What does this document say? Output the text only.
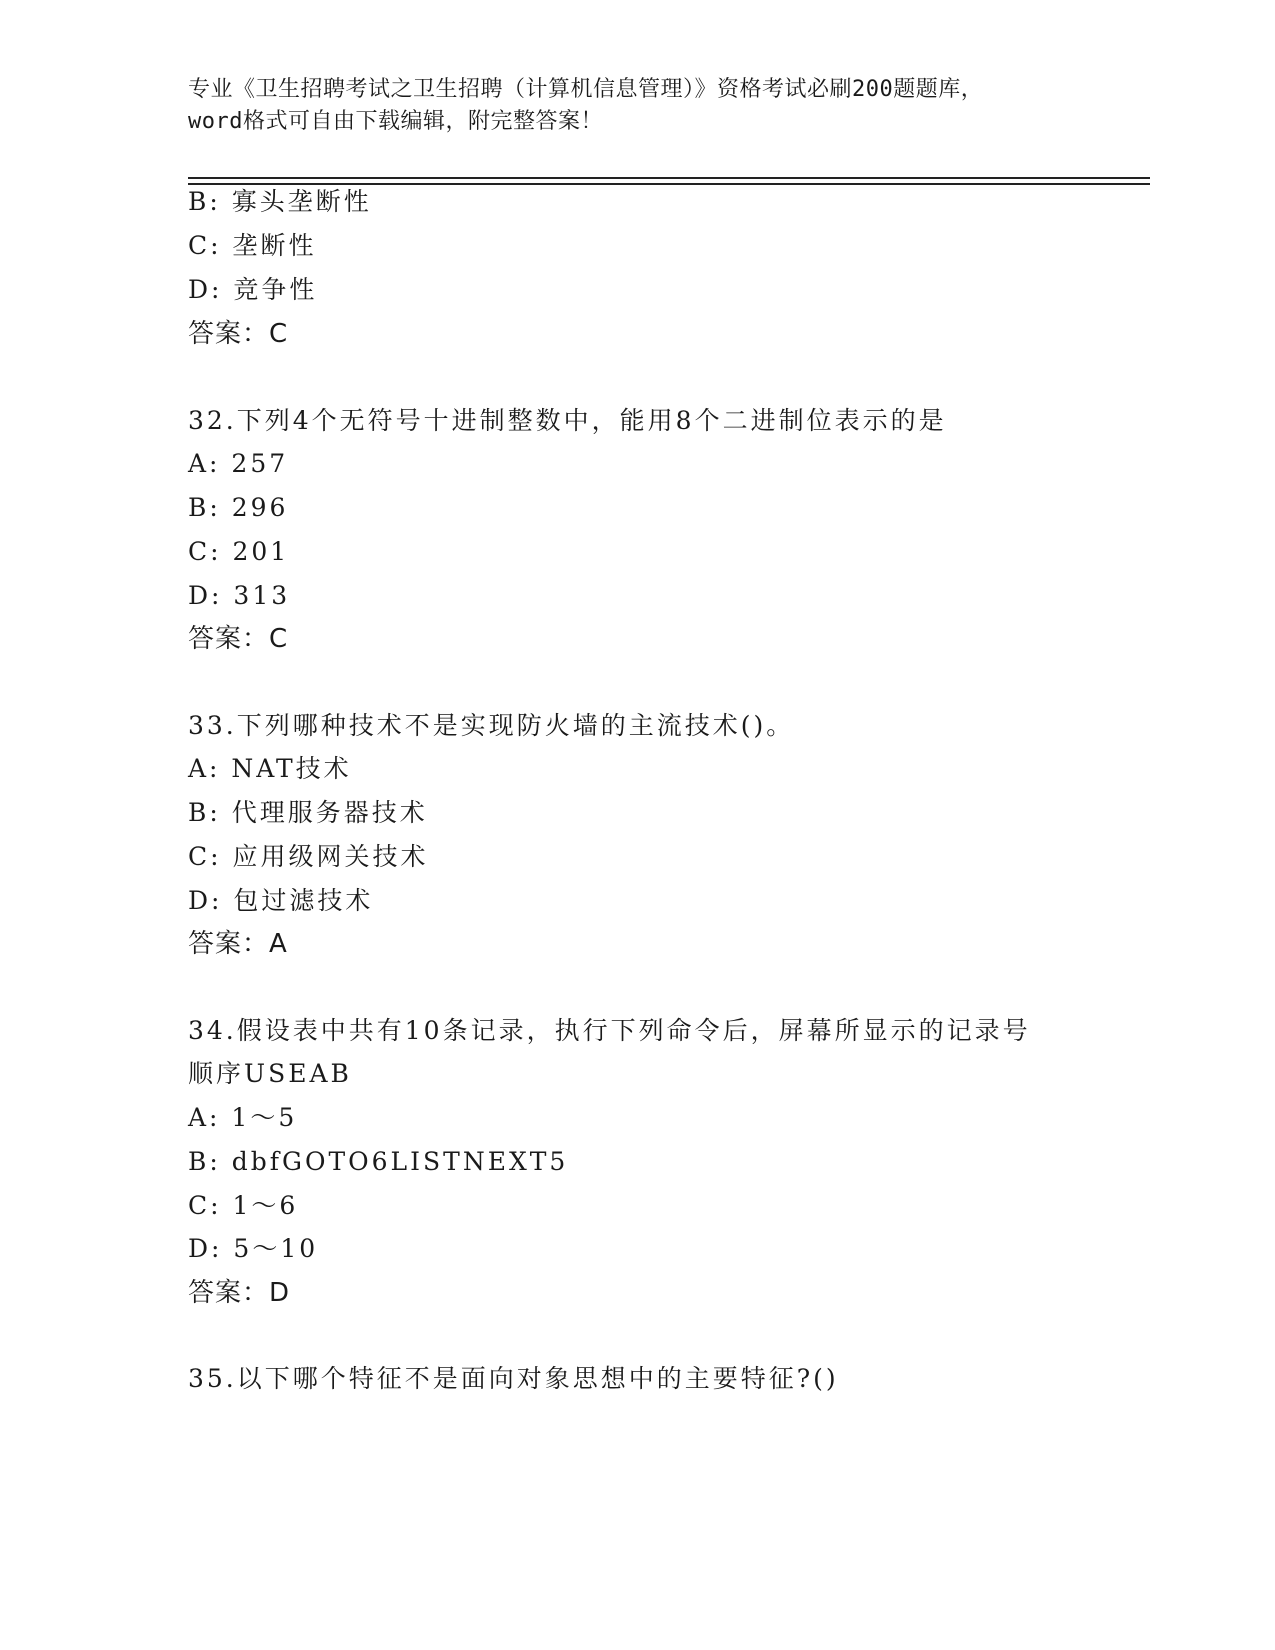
专业《卫生招聘考试之卫生招聘（计算机信息管理）》资格考试必刷200题题库，
word格式可自由下载编辑，附完整答案！
B: 寡头垄断性
C: 垄断性
D: 竞争性
答案：C
32.下列4个无符号十进制整数中，能用8个二进制位表示的是
A: 257
B: 296
C: 201
D: 313
答案：C
33.下列哪种技术不是实现防火墙的主流技术()。
A: NAT技术
B: 代理服务器技术
C: 应用级网关技术
D: 包过滤技术
答案：A
34.假设表中共有10条记录，执行下列命令后，屏幕所显示的记录号
顺序USEAB
A: 1～5
B: dbfGOTO6LISTNEXT5
C: 1～6
D: 5～10
答案：D
35.以下哪个特征不是面向对象思想中的主要特征?()
